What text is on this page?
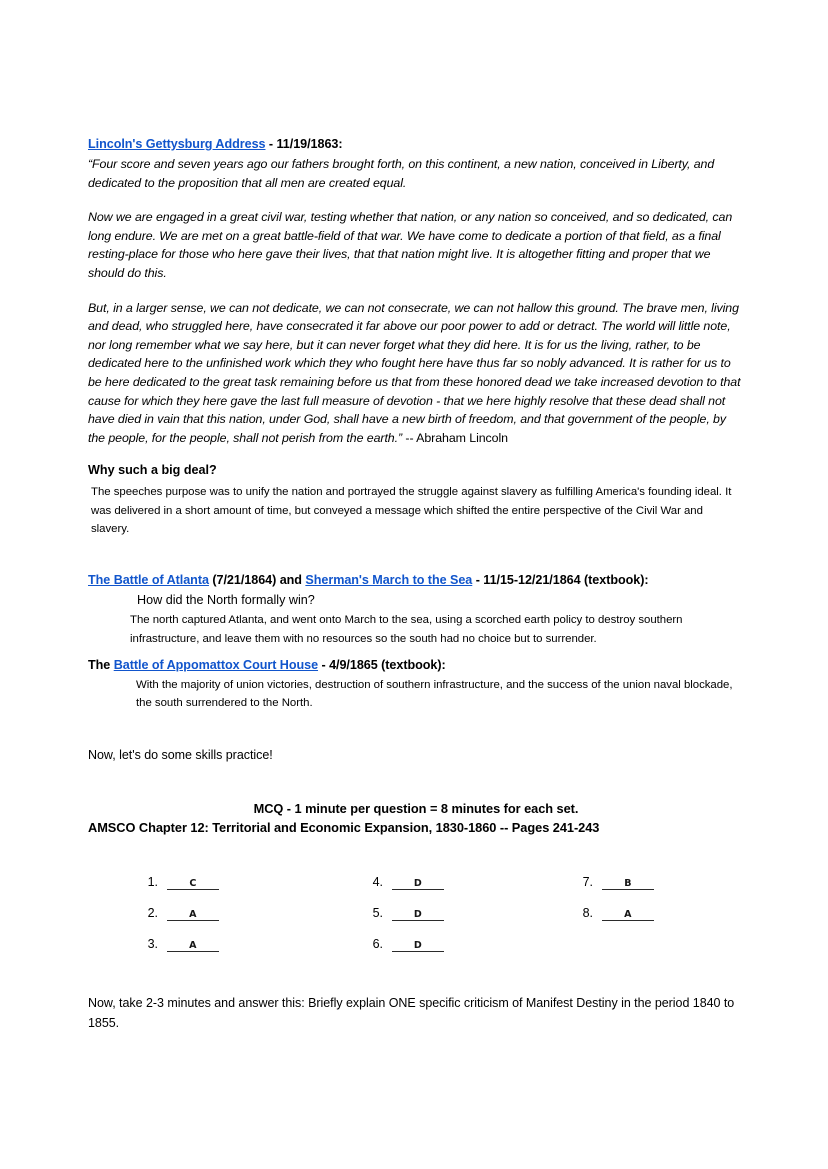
Lincoln's Gettysburg Address - 11/19/1863:

“Four score and seven years ago our fathers brought forth, on this continent, a new nation, conceived in Liberty, and dedicated to the proposition that all men are created equal.

Now we are engaged in a great civil war, testing whether that nation, or any nation so conceived, and so dedicated, can long endure. We are met on a great battle-field of that war. We have come to dedicate a portion of that field, as a final resting-place for those who here gave their lives, that that nation might live. It is altogether fitting and proper that we should do this.

But, in a larger sense, we can not dedicate, we can not consecrate, we can not hallow this ground. The brave men, living and dead, who struggled here, have consecrated it far above our poor power to add or detract. The world will little note, nor long remember what we say here, but it can never forget what they did here. It is for us the living, rather, to be dedicated here to the unfinished work which they who fought here have thus far so nobly advanced. It is rather for us to be here dedicated to the great task remaining before us that from these honored dead we take increased devotion to that cause for which they here gave the last full measure of devotion - that we here highly resolve that these dead shall not have died in vain that this nation, under God, shall have a new birth of freedom, and that government of the people, by the people, for the people, shall not perish from the earth.” -- Abraham Lincoln

Why such a big deal?

The speeches purpose was to unify the nation and portrayed the struggle against slavery as fulfilling America's founding ideal. It was delivered in a short amount of time, but conveyed a message which shifted the entire perspective of the Civil War and slavery.

The Battle of Atlanta (7/21/1864) and Sherman's March to the Sea - 11/15-12/21/1864 (textbook):

How did the North formally win?

The north captured Atlanta, and went onto March to the sea, using a scorched earth policy to destroy southern infrastructure, and leave them with no resources so the south had no choice but to surrender.

The Battle of Appomattox Court House - 4/9/1865 (textbook):

With the majority of union victories, destruction of southern infrastructure, and the success of the union naval blockade, the south surrendered to the North.

Now, let's do some skills practice!

MCQ - 1 minute per question = 8 minutes for each set.

AMSCO Chapter 12: Territorial and Economic Expansion, 1830-1860 -- Pages 241-243

1.	C
2.	A
3.	A
4.	D
5.	D
6.	D
7.	B
8.	A

Now, take 2-3 minutes and answer this: Briefly explain ONE specific criticism of Manifest Destiny in the period 1840 to 1855.
